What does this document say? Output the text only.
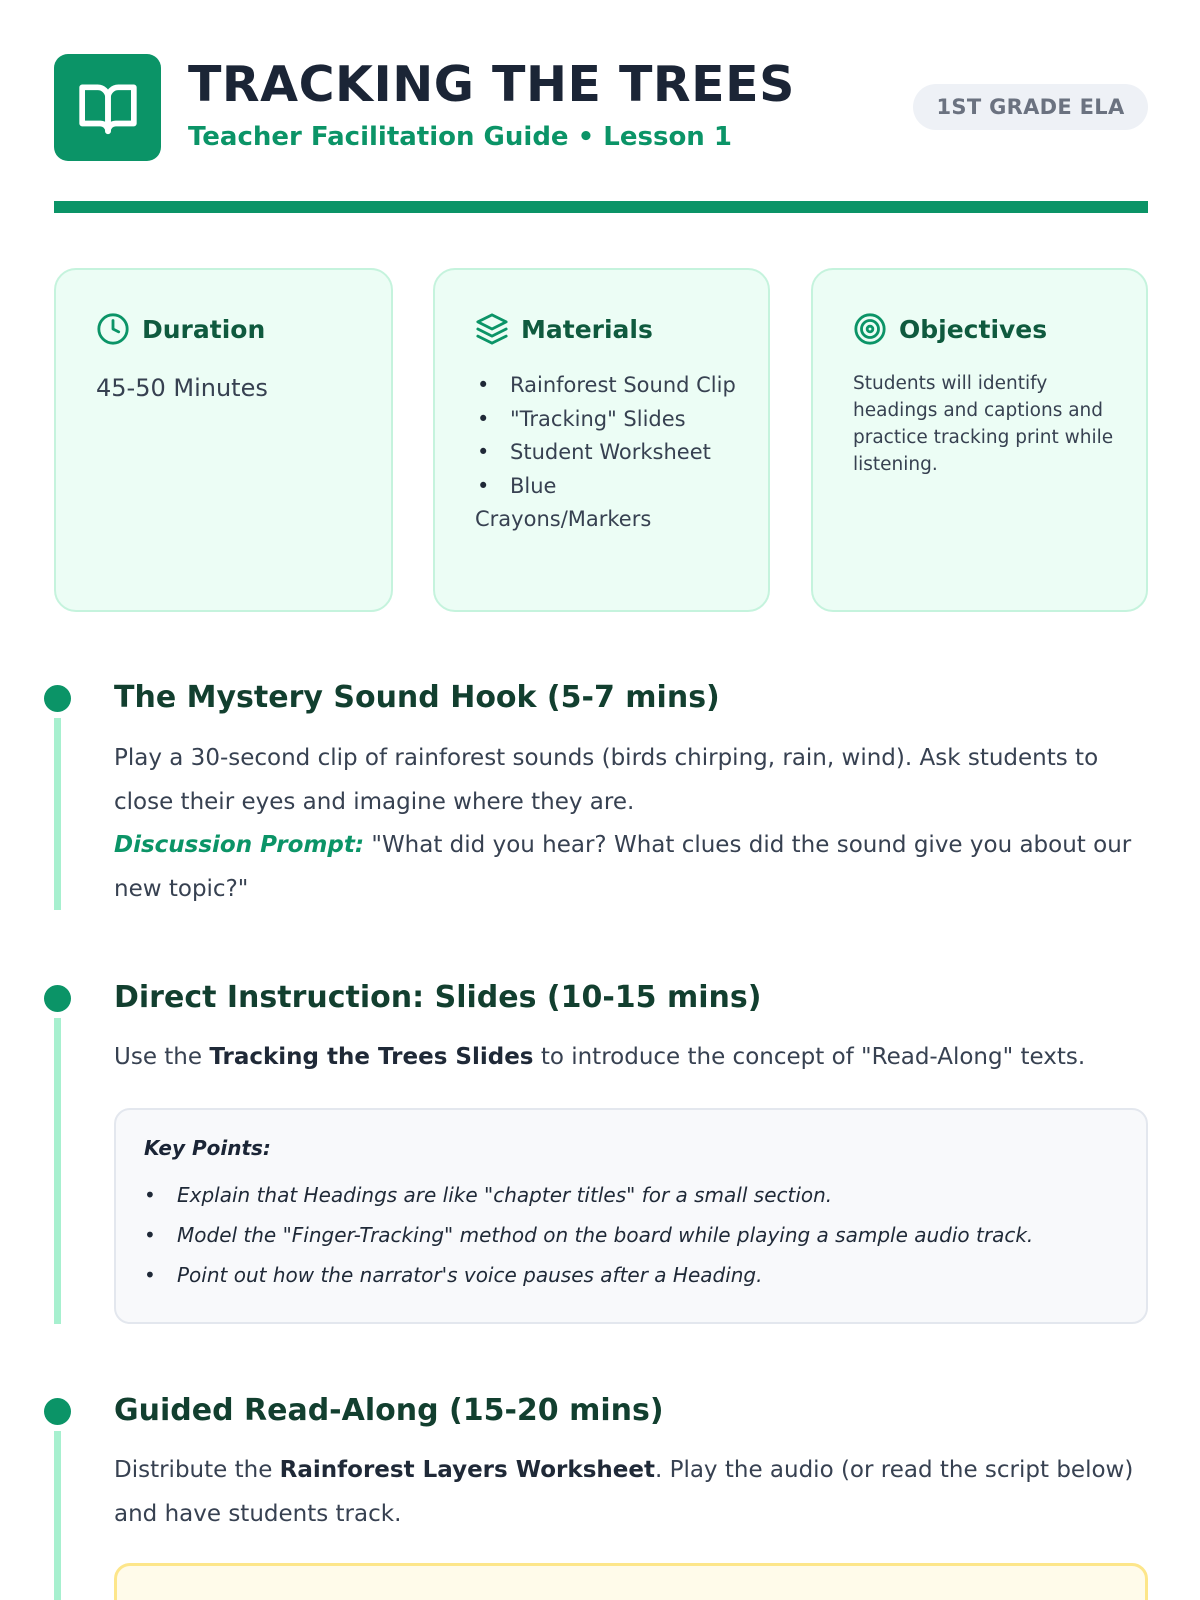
TRACKING THE TREES
Teacher Facilitation Guide • Lesson 1
1ST GRADE ELA
Duration
45-50 Minutes
Materials
• Rainforest Sound Clip
• "Tracking" Slides
• Student Worksheet
• Blue Crayons/Markers
Objectives
Students will identify headings and captions and practice tracking print while listening.
The Mystery Sound Hook (5-7 mins)
Play a 30-second clip of rainforest sounds (birds chirping, rain, wind). Ask students to close their eyes and imagine where they are.
Discussion Prompt: "What did you hear? What clues did the sound give you about our new topic?"
Direct Instruction: Slides (10-15 mins)
Use the Tracking the Trees Slides to introduce the concept of "Read-Along" texts.
Key Points:
• Explain that Headings are like "chapter titles" for a small section.
• Model the "Finger-Tracking" method on the board while playing a sample audio track.
• Point out how the narrator's voice pauses after a Heading.
Guided Read-Along (15-20 mins)
Distribute the Rainforest Layers Worksheet. Play the audio (or read the script below) and have students track.
